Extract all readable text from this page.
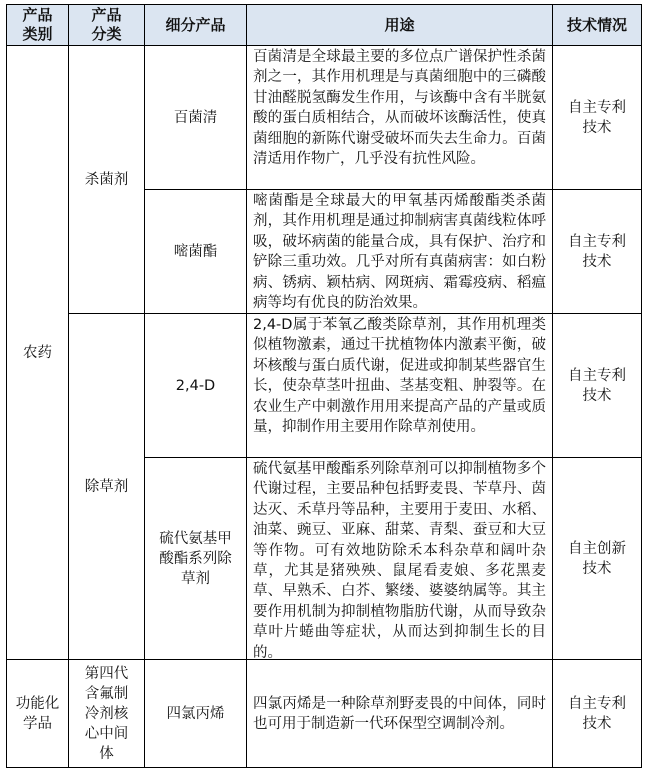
产品
类别
产品
分类
细分产品	用途	技术情况
农药
杀菌剂
百菌清
百菌清是全球最主要的多位点广谱保护性杀菌剂之一，其作用机理是与真菌细胞中的三磷酸甘油醛脱氢酶发生作用，与该酶中含有半胱氨酸的蛋白质相结合，从而破坏该酶活性，使真菌细胞的新陈代谢受破坏而失去生命力。百菌清适用作物广，几乎没有抗性风险。
自主专利
技术
嘧菌酯
嘧菌酯是全球最大的甲氧基丙烯酸酯类杀菌剂，其作用机理是通过抑制病害真菌线粒体呼吸，破坏病菌的能量合成，具有保护、治疗和铲除三重功效。几乎对所有真菌病害：如白粉病、锈病、颖枯病、网斑病、霜霉疫病、稻瘟病等均有优良的防治效果。
自主专利
技术
除草剂
2,4-D
2,4-D属于苯氧乙酸类除草剂，其作用机理类似植物激素，通过干扰植物体内激素平衡，破坏核酸与蛋白质代谢，促进或抑制某些器官生长，使杂草茎叶扭曲、茎基变粗、肿裂等。在农业生产中刺激作用用来提高产品的产量或质量，抑制作用主要用作除草剂使用。
自主专利
技术
硫代氨基甲
酸酯系列除
草剂
硫代氨基甲酸酯系列除草剂可以抑制植物多个代谢过程，主要品种包括野麦畏、苄草丹、茵达灭、禾草丹等品种，主要用于麦田、水稻、油菜、豌豆、亚麻、甜菜、青梨、蚕豆和大豆等作物。可有效地防除禾本科杂草和阔叶杂草，尤其是猪殃殃、鼠尾看麦娘、多花黑麦草、早熟禾、白芥、繁缕、婆婆纳属等。其主要作用机制为抑制植物脂肪代谢，从而导致杂草叶片蜷曲等症状，从而达到抑制生长的目的。
自主创新
技术
功能化
学品
第四代
含氟制
冷剂核
心中间
体
四氯丙烯
四氯丙烯是一种除草剂野麦畏的中间体，同时也可用于制造新一代环保型空调制冷剂。
自主专利
技术
